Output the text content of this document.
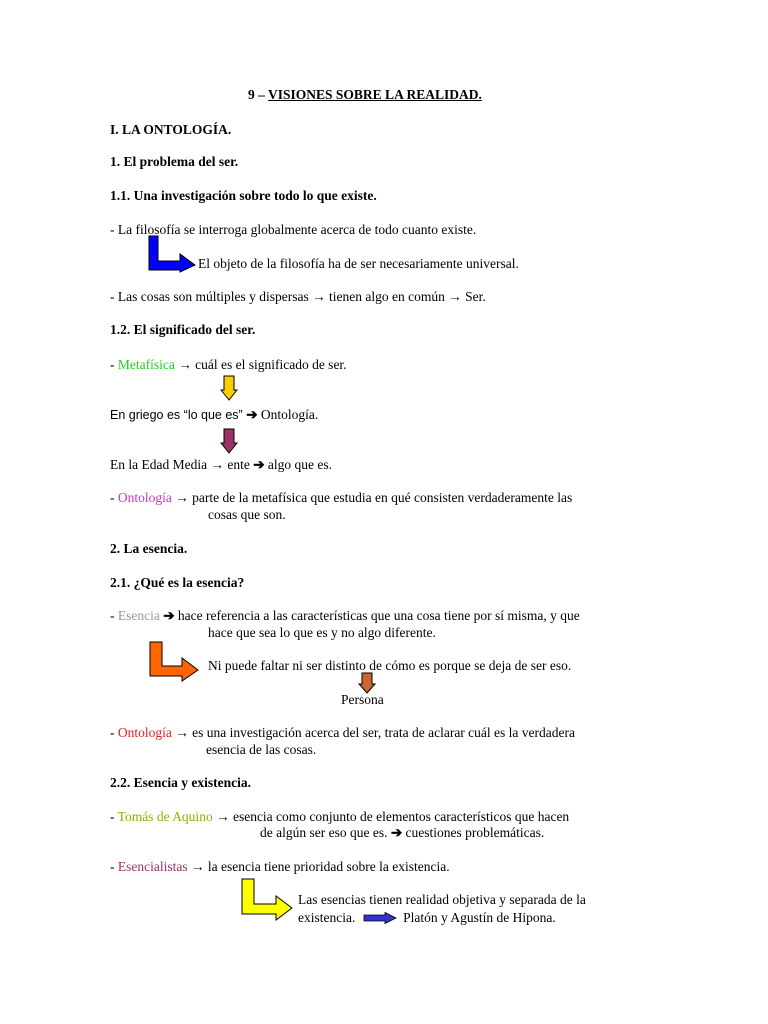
9 – VISIONES SOBRE LA REALIDAD.
I. LA ONTOLOGÍA.
1. El problema del ser.
1.1. Una investigación sobre todo lo que existe.
- La filosofía se interroga globalmente acerca de todo cuanto existe.
El objeto de la filosofía ha de ser necesariamente universal.
- Las cosas son múltiples y dispersas → tienen algo en común → Ser.
1.2. El significado del ser.
- Metafísica → cuál es el significado de ser.
En griego es “lo que es” ➔ Ontología.
En la Edad Media → ente ➔ algo que es.
- Ontología → parte de la metafísica que estudia en qué consisten verdaderamente las
cosas que son.
2. La esencia.
2.1. ¿Qué es la esencia?
- Esencia ➔ hace referencia a las características que una cosa tiene por sí misma, y que
hace que sea lo que es y no algo diferente.
Ni puede faltar ni ser distinto de cómo es porque se deja de ser eso.
Persona
- Ontología → es una investigación acerca del ser, trata de aclarar cuál es la verdadera
esencia de las cosas.
2.2. Esencia y existencia.
- Tomás de Aquino → esencia como conjunto de elementos característicos que hacen
de algún ser eso que es. ➔ cuestiones problemáticas.
- Esencialistas → la esencia tiene prioridad sobre la existencia.
Las esencias tienen realidad objetiva y separada de la
existencia.	Platón y Agustín de Hipona.
